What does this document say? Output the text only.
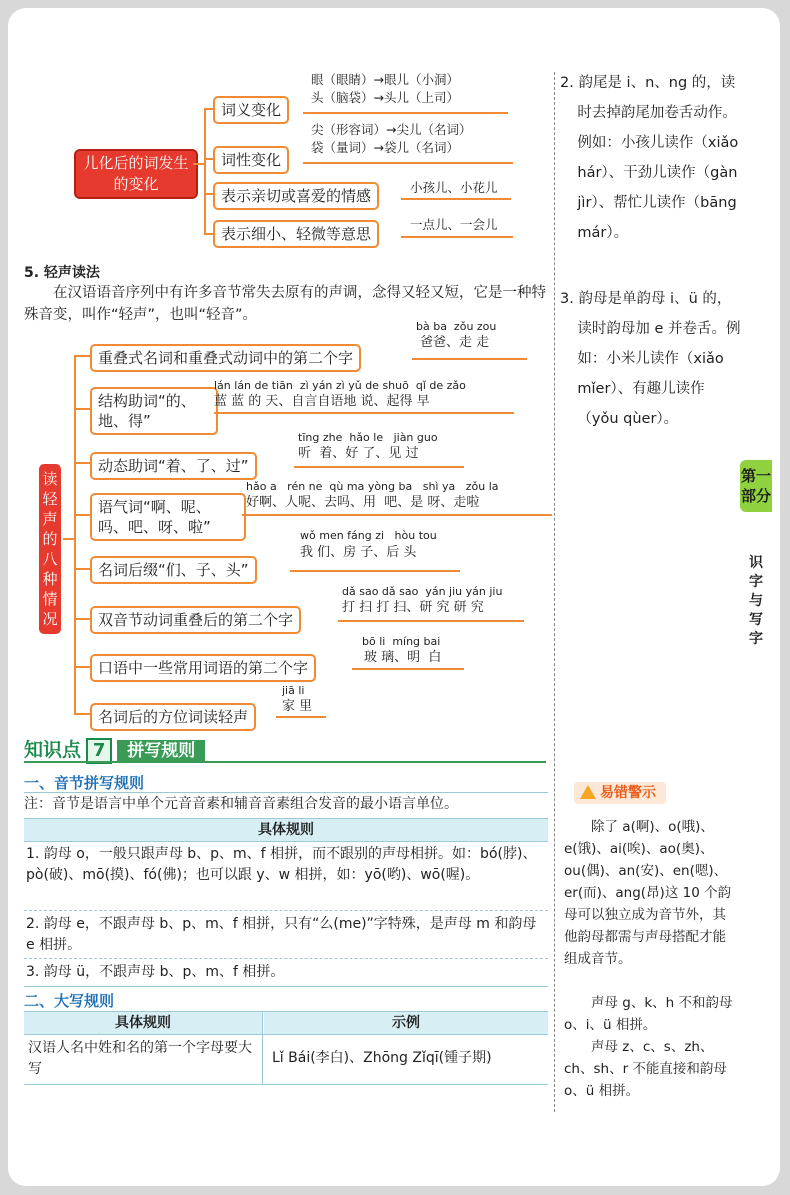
儿化后的词发生的变化
词义变化
眼（眼睛）→眼儿（小洞）
头（脑袋）→头儿（上司）
词性变化
尖（形容词）→尖儿（名词）
袋（量词）→袋儿（名词）
表示亲切或喜爱的情感	小孩儿、小花儿
表示细小、轻微等意思
一点儿、一会儿
5. 轻声读法
在汉语语音序列中有许多音节常失去原有的声调，念得又轻又短，它是一种特殊音变，叫作“轻声”，也叫“轻音”。
读轻声的八种情况
重叠式名词和重叠式动词中的第二个字
bà ba  zǒu zou
爸爸、走 走
结构助词“的、地、得”
lán lán de tiān  zì yán zì yǔ de shuō  qǐ de zǎo
蓝 蓝 的 天、自言自语地 说、起得 早
动态助词“着、了、过”
tīng zhe  hǎo le   jiàn guo
听  着、好 了、见 过
语气词“啊、呢、吗、吧、呀、啦”
hǎo a   rén ne  qù ma yòng ba   shì ya   zǒu la
好啊、人呢、去吗、用  吧、是 呀、走啦
名词后缀“们、子、头”
wǒ men fáng zi   hòu tou
我 们、房 子、后 头
双音节动词重叠后的第二个字
dǎ sao dǎ sao  yán jiu yán jiu
打 扫 打 扫、研 究 研 究
口语中一些常用词语的第二个字
bō li  míng bai
玻 璃、明  白
名词后的方位词读轻声
jiā li
家 里
知识点 7 拼写规则
一、音节拼写规则
注：音节是语言中单个元音音素和辅音音素组合发音的最小语言单位。
具体规则
1. 韵母 o，一般只跟声母 b、p、m、f 相拼，而不跟别的声母相拼。如：bó(脖)、pò(破)、mō(摸)、fó(佛)；也可以跟 y、w 相拼，如：yō(哟)、wō(喔)。
2. 韵母 e，不跟声母 b、p、m、f 相拼，只有“么(me)”字特殊，是声母 m 和韵母 e 相拼。
3. 韵母 ü，不跟声母 b、p、m、f 相拼。
二、大写规则
具体规则	示例
汉语人名中姓和名的第一个字母要大写
Lǐ Bái(李白)、Zhōng Zǐqī(锺子期)
2. 韵尾是 i、n、ng 的，读时去掉韵尾加卷舌动作。例如：小孩儿读作（xiǎo hár）、干劲儿读作（gàn jìr）、帮忙儿读作（bāng már）。
3. 韵母是单韵母 i、ü 的，读时韵母加 e 并卷舌。例如：小米儿读作（xiǎo mǐer）、有趣儿读作（yǒu qùer）。
第一部分
识字与写字
易错警示
除了 a(啊)、o(哦)、e(饿)、ai(唉)、ao(奥)、ou(偶)、an(安)、en(嗯)、er(而)、ang(昂)这 10 个韵母可以独立成为音节外，其他韵母都需与声母搭配才能组成音节。
声母 g、k、h 不和韵母 o、i、ü 相拼。
声母 z、c、s、zh、ch、sh、r 不能直接和韵母 o、ü 相拼。
